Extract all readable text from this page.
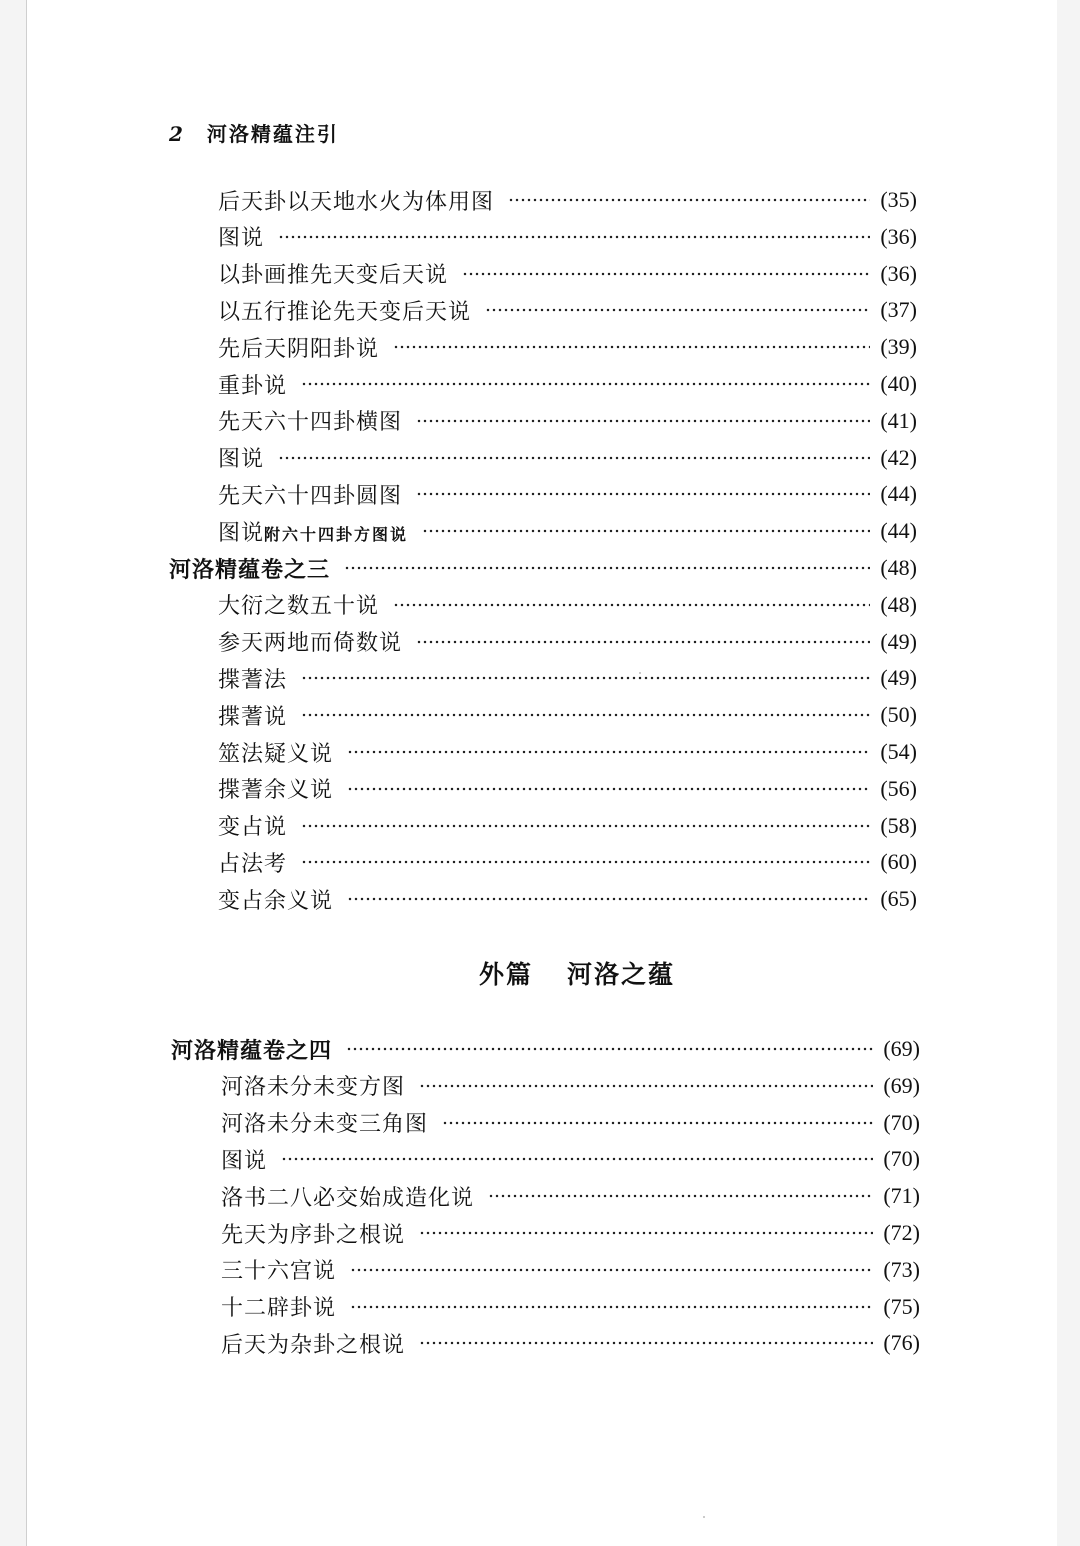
2 河洛精蕴注引
后天卦以天地水火为体用图	(35)
图说	(36)
以卦画推先天变后天说	(36)
以五行推论先天变后天说	(37)
先后天阴阳卦说	(39)
重卦说	(40)
先天六十四卦横图	(41)
图说	(42)
先天六十四卦圆图	(44)
图说附六十四卦方图说	(44)
河洛精蕴卷之三	(48)
大衍之数五十说	(48)
参天两地而倚数说	(49)
揲蓍法	(49)
揲蓍说	(50)
筮法疑义说	(54)
揲蓍余义说	(56)
变占说	(58)
占法考	(60)
变占余义说	(65)
外篇 河洛之蕴
河洛精蕴卷之四	(69)
河洛未分未变方图	(69)
河洛未分未变三角图	(70)
图说	(70)
洛书二八必交始成造化说	(71)
先天为序卦之根说	(72)
三十六宫说	(73)
十二辟卦说	(75)
后天为杂卦之根说	(76)
